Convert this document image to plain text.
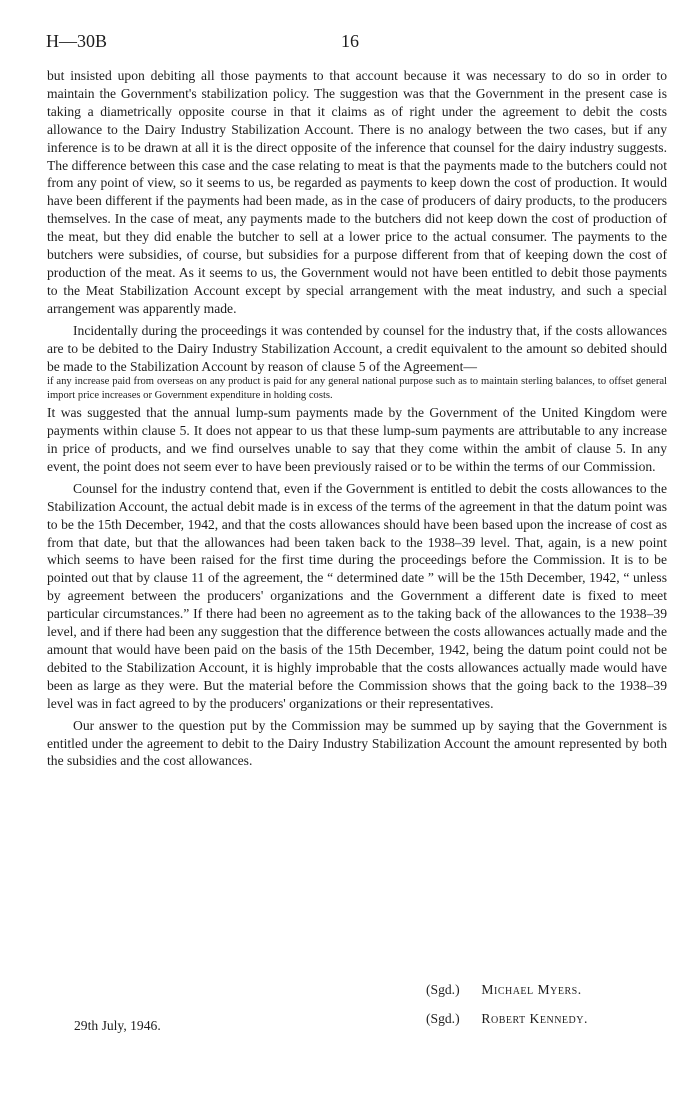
H—30B	16

but insisted upon debiting all those payments to that account because it was necessary to do so in order to maintain the Government's stabilization policy. The suggestion was that the Government in the present case is taking a diametrically opposite course in that it claims as of right under the agreement to debit the costs allowance to the Dairy Industry Stabilization Account. There is no analogy between the two cases, but if any inference is to be drawn at all it is the direct opposite of the inference that counsel for the dairy industry suggests. The difference between this case and the case relating to meat is that the payments made to the butchers could not from any point of view, so it seems to us, be regarded as payments to keep down the cost of production. It would have been different if the payments had been made, as in the case of producers of dairy products, to the producers themselves. In the case of meat, any payments made to the butchers did not keep down the cost of production of the meat, but they did enable the butcher to sell at a lower price to the actual consumer. The payments to the butchers were subsidies, of course, but subsidies for a purpose different from that of keeping down the cost of production of the meat. As it seems to us, the Government would not have been entitled to debit those payments to the Meat Stabilization Account except by special arrangement with the meat industry, and such a special arrangement was apparently made.

Incidentally during the proceedings it was contended by counsel for the industry that, if the costs allowances are to be debited to the Dairy Industry Stabilization Account, a credit equivalent to the amount so debited should be made to the Stabilization Account by reason of clause 5 of the Agreement—

if any increase paid from overseas on any product is paid for any general national purpose such as to maintain sterling balances, to offset general import price increases or Government expenditure in holding costs.

It was suggested that the annual lump-sum payments made by the Government of the United Kingdom were payments within clause 5. It does not appear to us that these lump-sum payments are attributable to any increase in price of products, and we find ourselves unable to say that they come within the ambit of clause 5. In any event, the point does not seem ever to have been previously raised or to be within the terms of our Commission.

Counsel for the industry contend that, even if the Government is entitled to debit the costs allowances to the Stabilization Account, the actual debit made is in excess of the terms of the agreement in that the datum point was to be the 15th December, 1942, and that the costs allowances should have been based upon the increase of cost as from that date, but that the allowances had been taken back to the 1938–39 level. That, again, is a new point which seems to have been raised for the first time during the proceedings before the Commission. It is to be pointed out that by clause 11 of the agreement, the “ determined date ” will be the 15th December, 1942, “ unless by agreement between the producers' organizations and the Government a different date is fixed to meet particular circumstances.” If there had been no agreement as to the taking back of the allowances to the 1938–39 level, and if there had been any suggestion that the difference between the costs allowances actually made and the amount that would have been paid on the basis of the 15th December, 1942, being the datum point could not be debited to the Stabilization Account, it is highly improbable that the costs allowances actually made would have been as large as they were. But the material before the Commission shows that the going back to the 1938–39 level was in fact agreed to by the producers' organizations or their representatives.

Our answer to the question put by the Commission may be summed up by saying that the Government is entitled under the agreement to debit to the Dairy Industry Stabilization Account the amount represented by both the subsidies and the cost allowances.

(Sgd.) Michael Myers.
(Sgd.) Robert Kennedy.
29th July, 1946.
